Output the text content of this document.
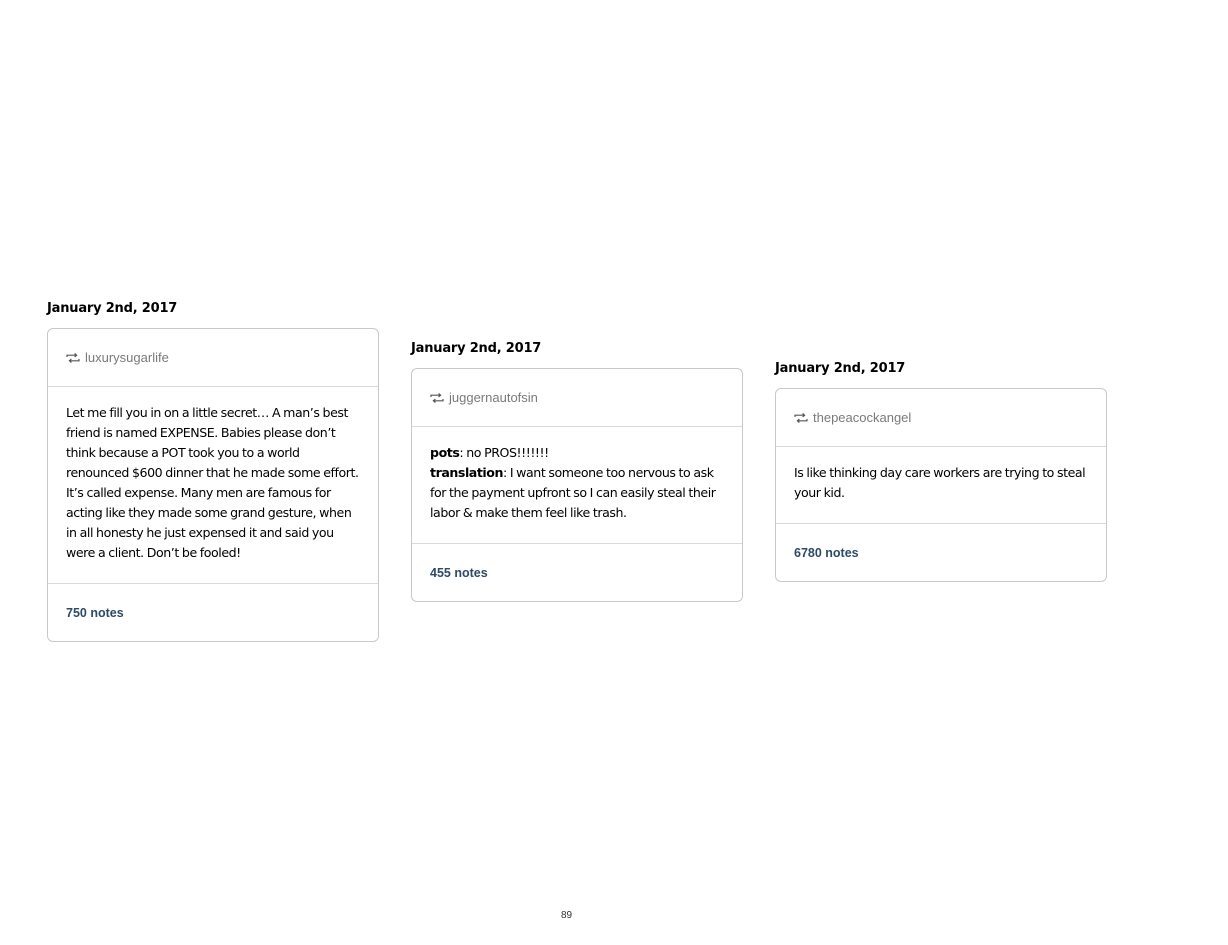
January 2nd, 2017
luxurysugarlife

Let me fill you in on a little secret… A man’s best friend is named EXPENSE. Babies please don’t think because a POT took you to a world renounced $600 dinner that he made some effort. It’s called expense. Many men are famous for acting like they made some grand gesture, when in all honesty he just expensed it and said you were a client. Don’t be fooled!

750 notes
January 2nd, 2017
juggernautofsin

pots: no PROS!!!!!!!

translation: I want someone too nervous to ask for the payment upfront so I can easily steal their labor & make them feel like trash.

455 notes
January 2nd, 2017
thepeacockangel

Is like thinking day care workers are trying to steal your kid.

6780 notes
89
